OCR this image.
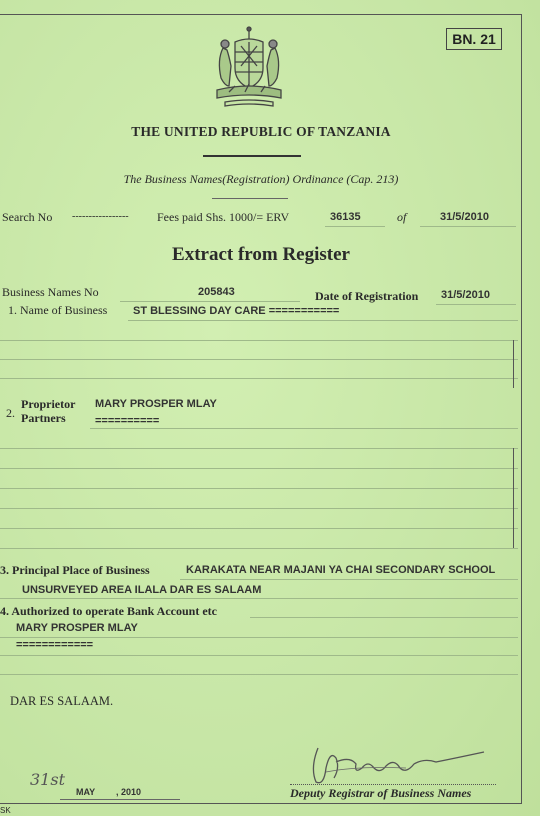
BN. 21
THE UNITED REPUBLIC OF TANZANIA
The Business Names(Registration) Ordinance (Cap. 213)
Search No ----------------- Fees paid Shs. 1000/= ERV	36135	of	31/5/2010
Extract from Register
Business Names No	205843	Date of Registration 31/5/2010
1. Name of Business ST BLESSING DAY CARE ===========
2.
Proprietor MARY PROSPER MLAY
Partners	==========
3. Principal Place of Business	KARAKATA NEAR MAJANI YA CHAI SECONDARY SCHOOL
UNSURVEYED AREA ILALA DAR ES SALAAM
4. Authorized to operate Bank Account etc
MARY PROSPER MLAY
============
DAR ES SALAAM.
31st
MAY , 2010	Deputy Registrar of Business Names
SK
